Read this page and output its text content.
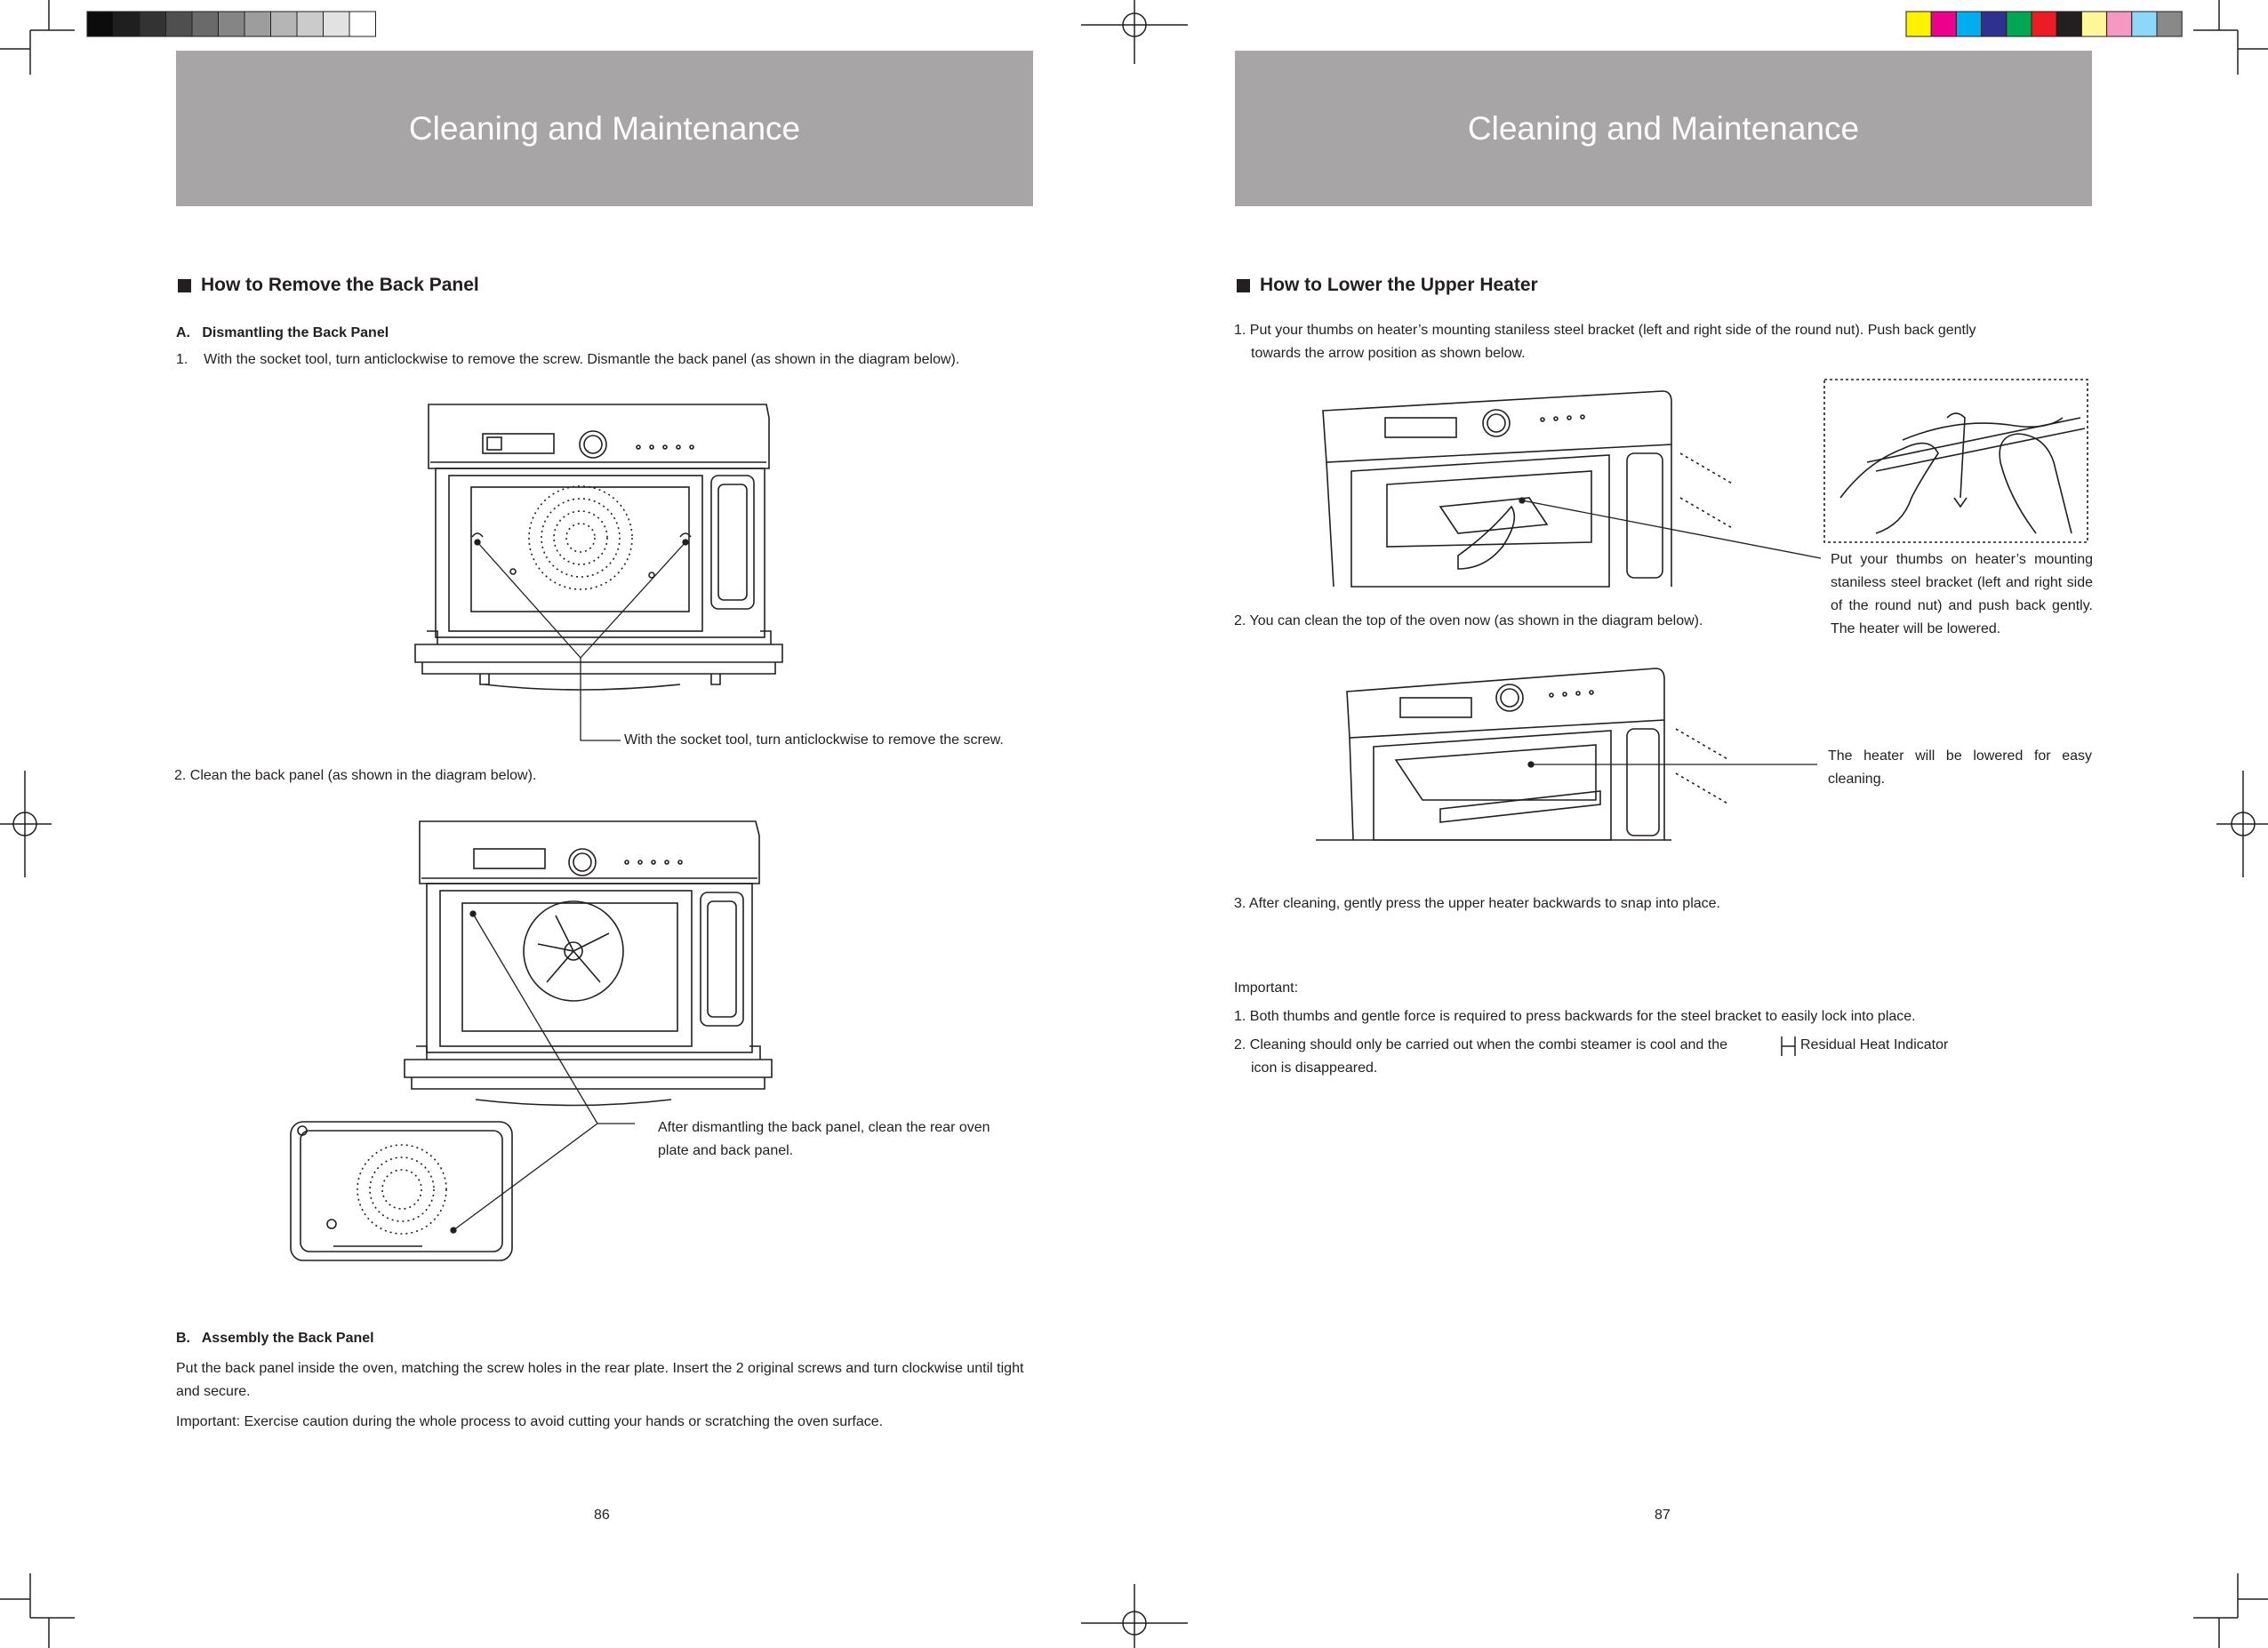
Cleaning and Maintenance
How to Remove the Back Panel
A.   Dismantling the Back Panel
1.    With the socket tool, turn anticlockwise to remove the screw. Dismantle the back panel (as shown in the diagram below).
With the socket tool, turn anticlockwise to remove the screw.
2. Clean the back panel (as shown in the diagram below).
After dismantling the back panel, clean the rear oven plate and back panel.
B.   Assembly the Back Panel
Put the back panel inside the oven, matching the screw holes in the rear plate. Insert the 2 original screws and turn clockwise until tight and secure.
Important: Exercise caution during the whole process to avoid cutting your hands or scratching the oven surface.
86
Cleaning and Maintenance
How to Lower the Upper Heater
1. Put your thumbs on heater’s mounting staniless steel bracket (left and right side of the round nut). Push back gently
towards the arrow position as shown below.
Put your thumbs on heater’s mounting staniless steel bracket (left and right side of the round nut) and push back gently. The heater will be lowered.
2. You can clean the top of the oven now (as shown in the diagram below).
The heater will be lowered for easy cleaning.
3. After cleaning, gently press the upper heater backwards to snap into place.
Important:
1. Both thumbs and gentle force is required to press backwards for the steel bracket to easily lock into place.
2. Cleaning should only be carried out when the combi steamer is cool and the	Residual Heat Indicator
icon is disappeared.
87
